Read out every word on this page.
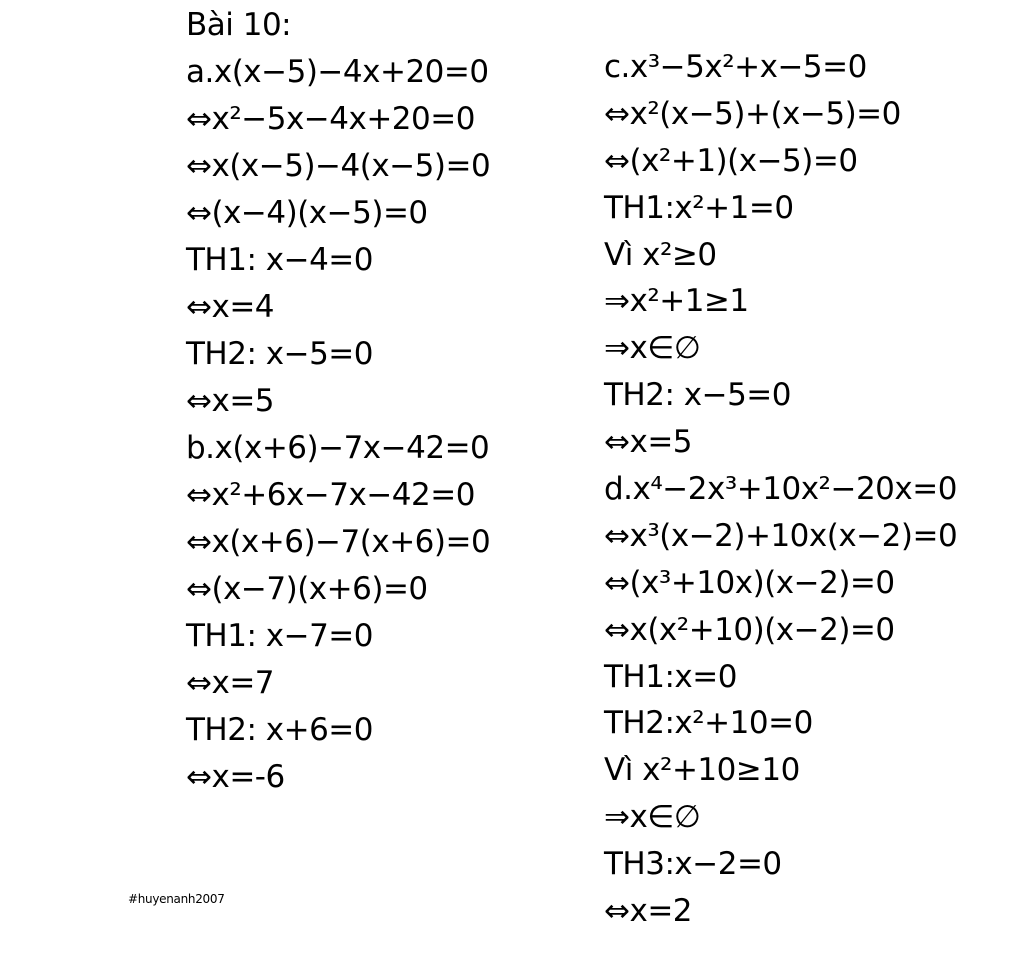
Bài 10:
a.x(x−5)−4x+20=0
⇔x²−5x−4x+20=0
⇔x(x−5)−4(x−5)=0
⇔(x−4)(x−5)=0
TH1: x−4=0
⇔x=4
TH2: x−5=0
⇔x=5
b.x(x+6)−7x−42=0
⇔x²+6x−7x−42=0
⇔x(x+6)−7(x+6)=0
⇔(x−7)(x+6)=0
TH1: x−7=0
⇔x=7
TH2: x+6=0
⇔x=-6
c.x³−5x²+x−5=0
⇔x²(x−5)+(x−5)=0
⇔(x²+1)(x−5)=0
TH1:x²+1=0
Vì x²≥0
⇒x²+1≥1
⇒x∈∅
TH2: x−5=0
⇔x=5
d.x⁴−2x³+10x²−20x=0
⇔x³(x−2)+10x(x−2)=0
⇔(x³+10x)(x−2)=0
⇔x(x²+10)(x−2)=0
TH1:x=0
TH2:x²+10=0
Vì x²+10≥10
⇒x∈∅
TH3:x−2=0
⇔x=2
#huyenanh2007
